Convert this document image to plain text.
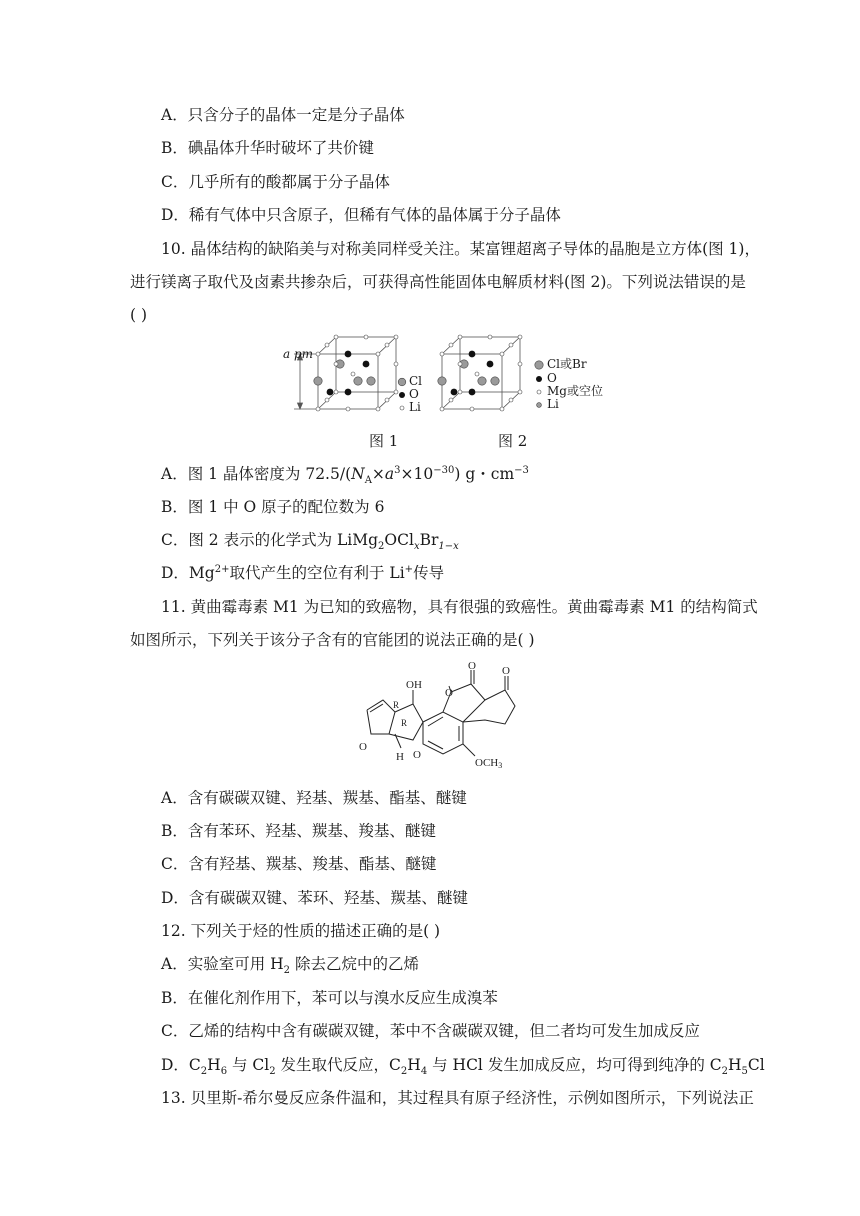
A．只含分子的晶体一定是分子晶体
B．碘晶体升华时破坏了共价键
C．几乎所有的酸都属于分子晶体
D．稀有气体中只含原子，但稀有气体的晶体属于分子晶体
10. 晶体结构的缺陷美与对称美同样受关注。某富锂超离子导体的晶胞是立方体(图 1)，
进行镁离子取代及卤素共掺杂后，可获得高性能固体电解质材料(图 2)。下列说法错误的是
( )
a pm
Cl
O
Li
Cl或Br
O
Mg或空位
Li
图 1	图 2
A．图 1 晶体密度为 $72.5/(N_A\times a^3\times 10^{-30})$ g・$cm^{-3}$
B．图 1 中 O 原子的配位数为 6
C．图 2 表示的化学式为 $LiMg_2OCl_xBr_{1-x}$
D．$Mg^{2+}$取代产生的空位有利于 Li+传导
11. 黄曲霉毒素 M1 为已知的致癌物，具有很强的致癌性。黄曲霉毒素 M1 的结构简式
如图所示，下列关于该分子含有的官能团的说法正确的是( )
OH
R
R
H
O
O
O
O O
OCH3
A．含有碳碳双键、羟基、羰基、酯基、醚键
B．含有苯环、羟基、羰基、羧基、醚键
C．含有羟基、羰基、羧基、酯基、醚键
D．含有碳碳双键、苯环、羟基、羰基、醚键
12. 下列关于烃的性质的描述正确的是( )
A．实验室可用 $H_2$ 除去乙烷中的乙烯
B．在催化剂作用下，苯可以与溴水反应生成溴苯
C．乙烯的结构中含有碳碳双键，苯中不含碳碳双键，但二者均可发生加成反应
D．$C_2H_6$ 与 $Cl_2$ 发生取代反应，$C_2H_4$ 与 HCl 发生加成反应，均可得到纯净的 $C_2H_5Cl$
13. 贝里斯-希尔曼反应条件温和，其过程具有原子经济性，示例如图所示，下列说法正
